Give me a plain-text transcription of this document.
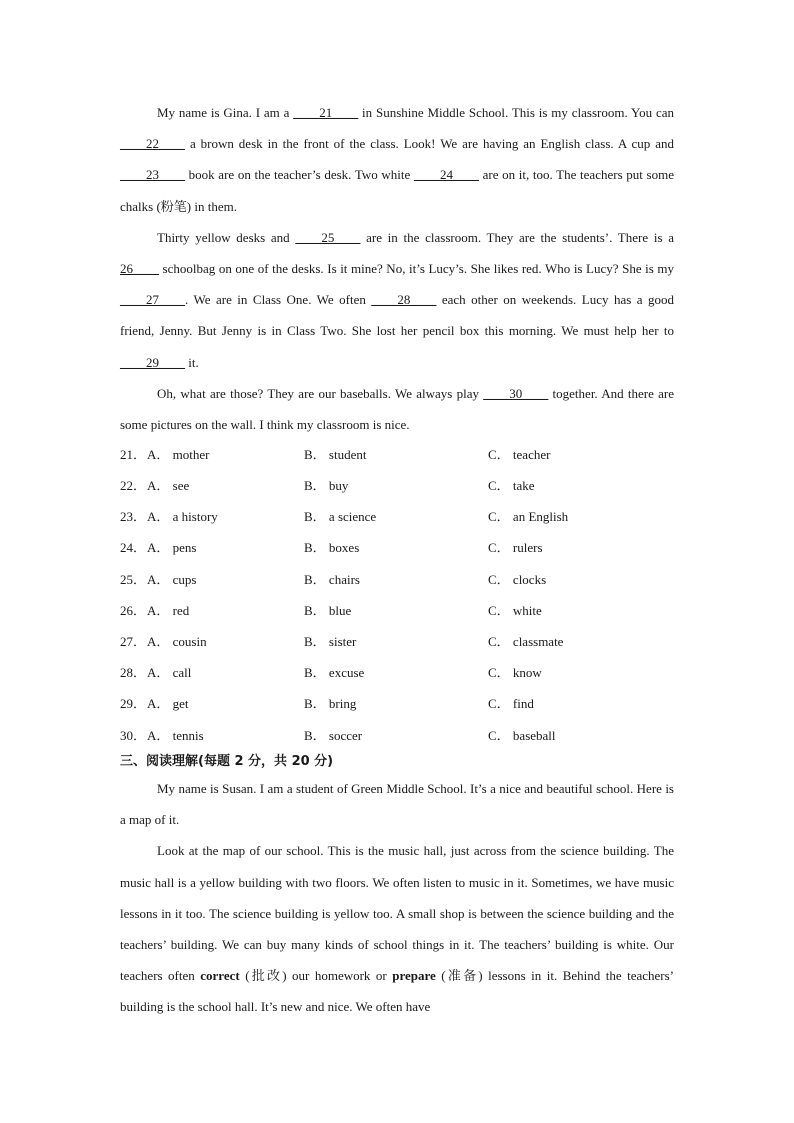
My name is Gina. I am a ____21____ in Sunshine Middle School. This is my classroom. You can ____22____ a brown desk in the front of the class. Look! We are having an English class. A cup and ____23____ book are on the teacher’s desk. Two white ____24____ are on it, too. The teachers put some chalks (粉笔) in them.

Thirty yellow desks and ____25____ are in the classroom. They are the students’. There is a 26____ schoolbag on one of the desks. Is it mine? No, it’s Lucy’s. She likes red. Who is Lucy? She is my ____27____. We are in Class One. We often ____28____ each other on weekends. Lucy has a good friend, Jenny. But Jenny is in Class Two. She lost her pencil box this morning. We must help her to ____29____ it.

Oh, what are those? They are our baseballs. We always play ____30____ together. And there are some pictures on the wall. I think my classroom is nice.

21． A． mother	B． student	C． teacher
22． A． see	B． buy	C． take
23． A． a history	B． a science	C． an English
24． A． pens	B． boxes	C． rulers
25． A． cups	B． chairs	C． clocks
26． A． red	B． blue	C． white
27． A． cousin	B． sister	C． classmate
28． A． call	B． excuse	C． know
29． A． get	B． bring	C． find
30． A． tennis	B． soccer	C． baseball
三、阅读理解(每题 2 分，共 20 分)

My name is Susan. I am a student of Green Middle School. It’s a nice and beautiful school. Here is a map of it.

Look at the map of our school. This is the music hall, just across from the science building. The music hall is a yellow building with two floors. We often listen to music in it. Sometimes, we have music lessons in it too. The science building is yellow too. A small shop is between the science building and the teachers’ building. We can buy many kinds of school things in it. The teachers’ building is white. Our teachers often correct (批改) our homework or prepare (准备) lessons in it. Behind the teachers’ building is the school hall. It’s new and nice. We often have
